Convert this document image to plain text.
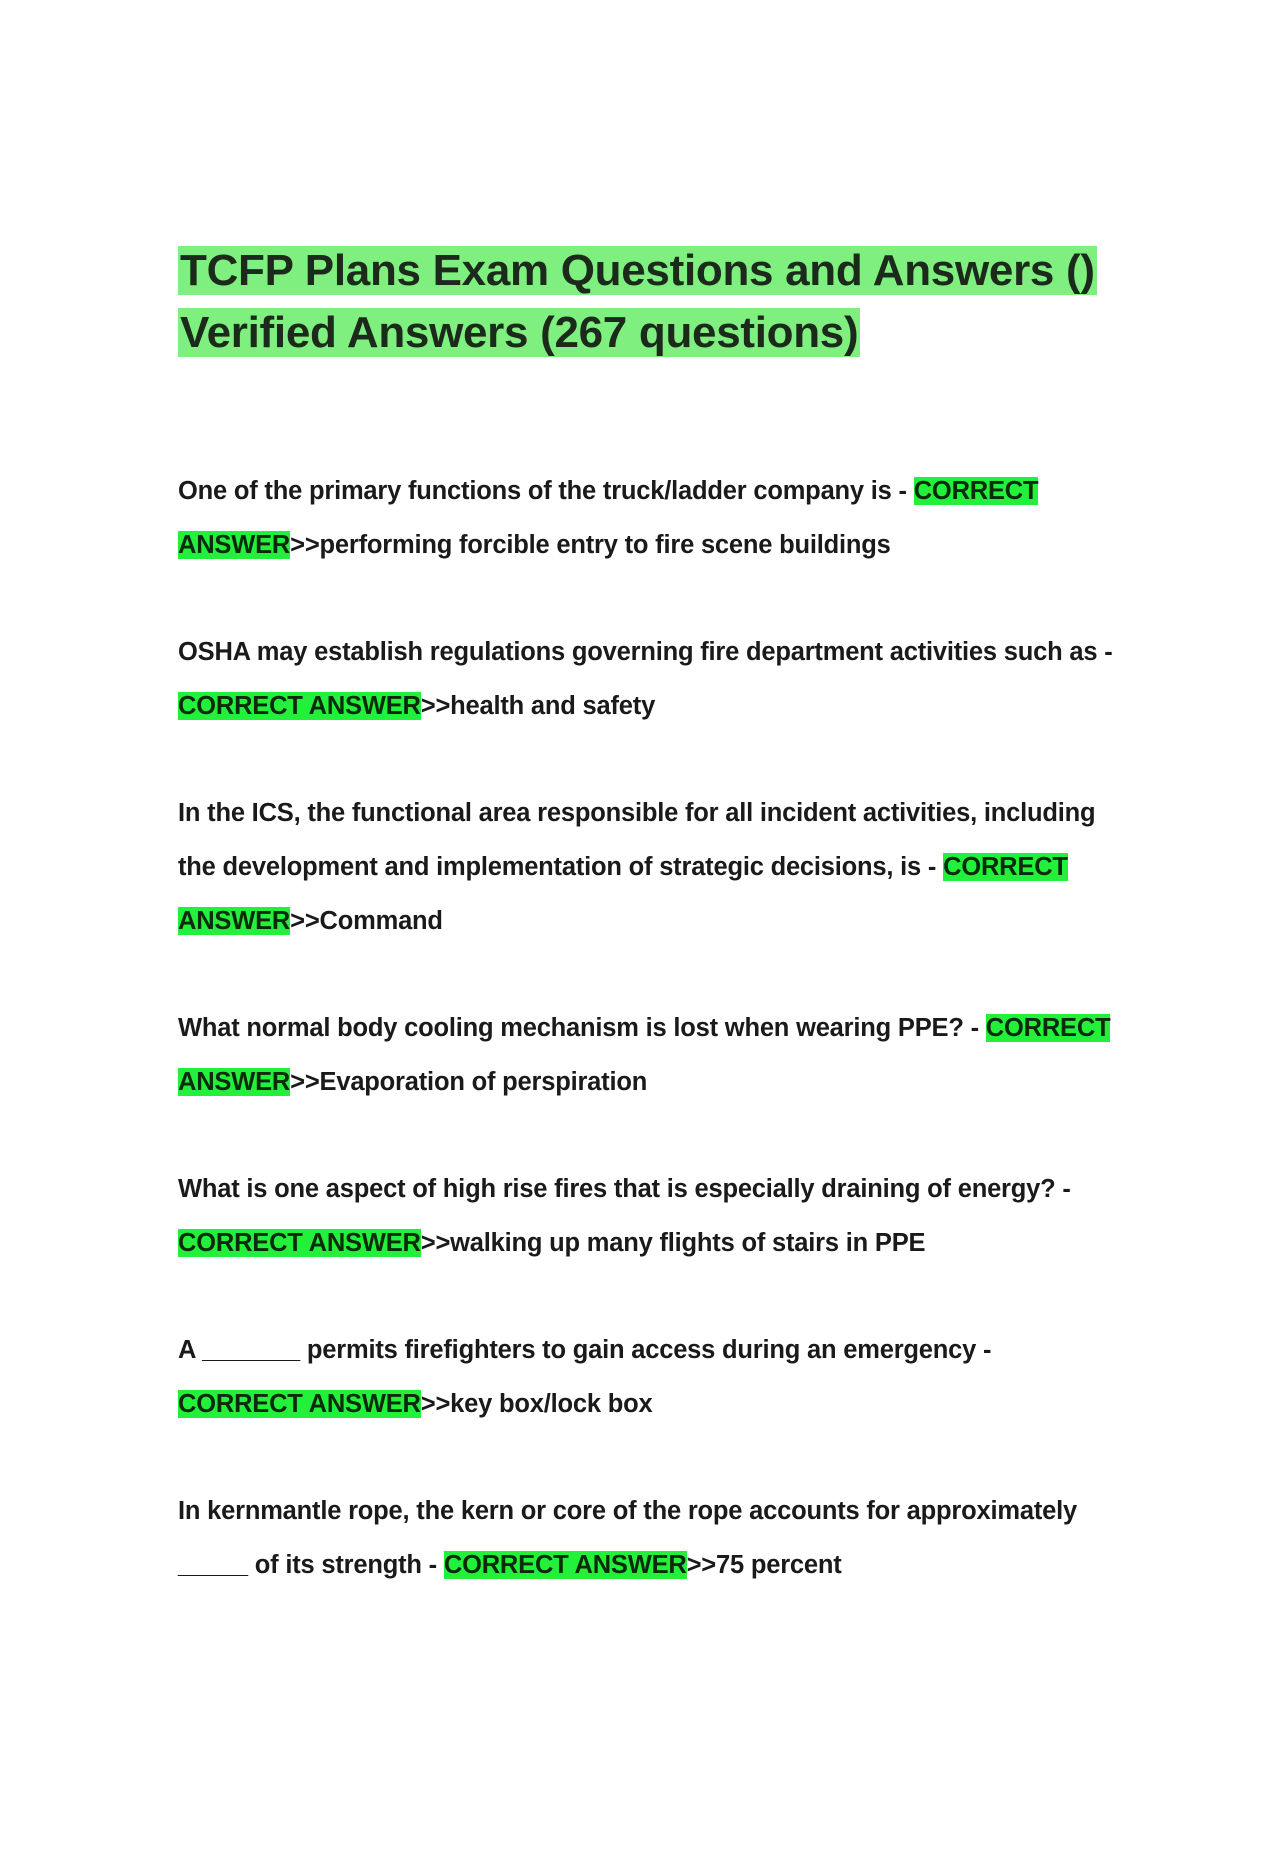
TCFP Plans Exam Questions and Answers () Verified Answers (267 questions)

One of the primary functions of the truck/ladder company is - CORRECT ANSWER>>performing forcible entry to fire scene buildings

OSHA may establish regulations governing fire department activities such as - CORRECT ANSWER>>health and safety

In the ICS, the functional area responsible for all incident activities, including the development and implementation of strategic decisions, is - CORRECT ANSWER>>Command

What normal body cooling mechanism is lost when wearing PPE? - CORRECT ANSWER>>Evaporation of perspiration

What is one aspect of high rise fires that is especially draining of energy? - CORRECT ANSWER>>walking up many flights of stairs in PPE

A _______ permits firefighters to gain access during an emergency - CORRECT ANSWER>>key box/lock box

In kernmantle rope, the kern or core of the rope accounts for approximately _____ of its strength - CORRECT ANSWER>>75 percent
